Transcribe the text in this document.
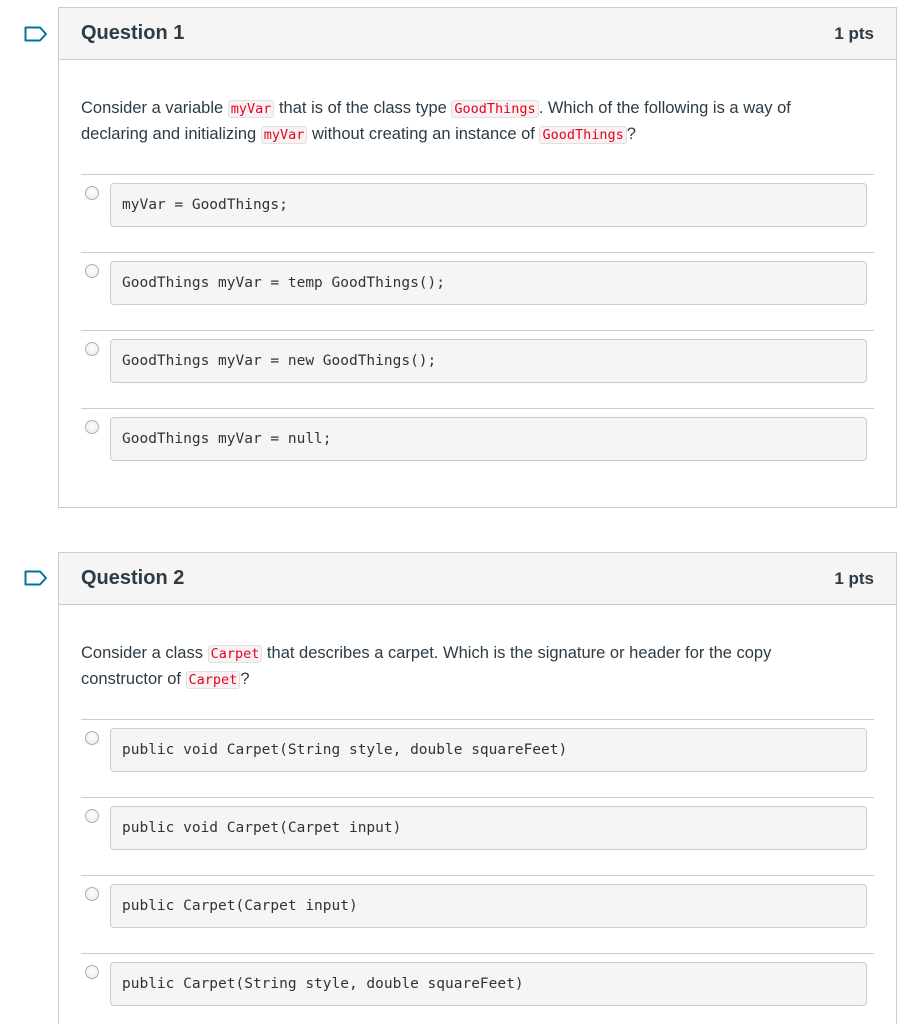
Question 1	1 pts
Consider a variable myVar that is of the class type GoodThings . Which of the following is a way of
declaring and initializing myVar without creating an instance of GoodThings ?
myVar = GoodThings;
GoodThings myVar = temp GoodThings();
GoodThings myVar = new GoodThings();
GoodThings myVar = null;
Question 2	1 pts
Consider a class Carpet that describes a carpet. Which is the signature or header for the copy
constructor of Carpet ?
public void Carpet(String style, double squareFeet)
public void Carpet(Carpet input)
public Carpet(Carpet input)
public Carpet(String style, double squareFeet)
